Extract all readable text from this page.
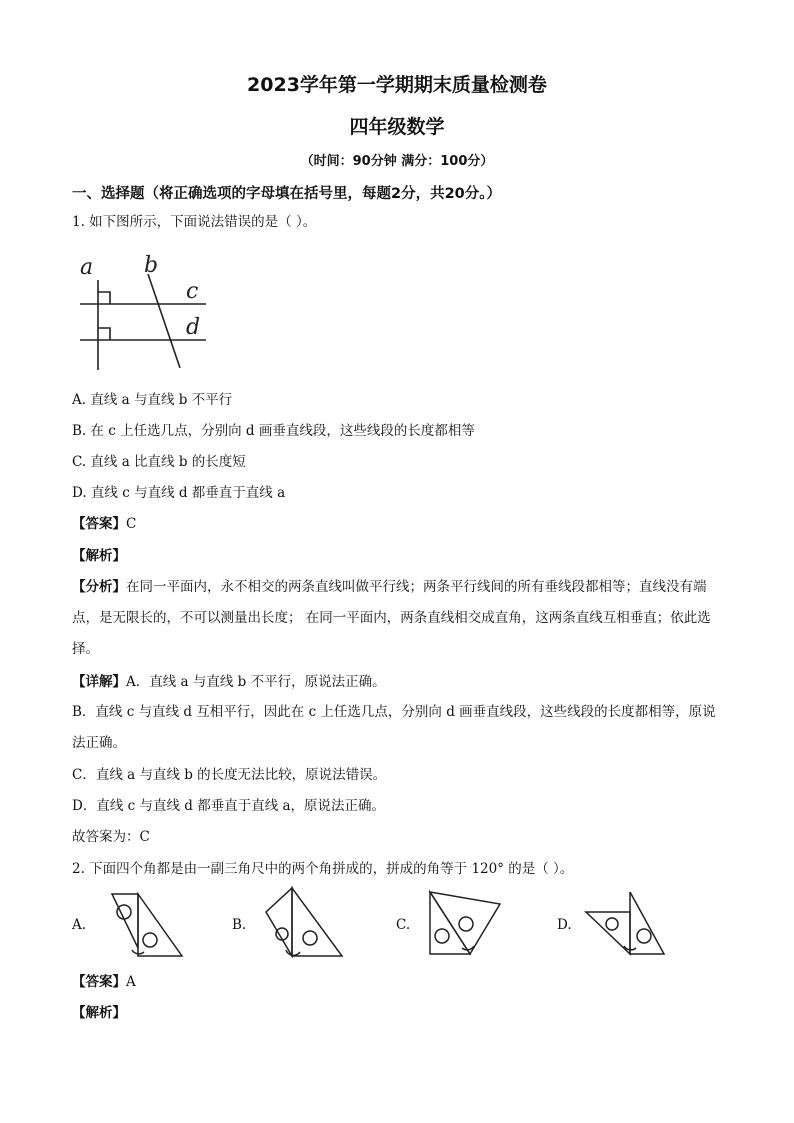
2023学年第一学期期末质量检测卷
四年级数学
（时间：90分钟 满分：100分）
一、选择题（将正确选项的字母填在括号里，每题2分，共20分。）
1. 如下图所示，下面说法错误的是（ ）。
a b
c
d
A. 直线 a 与直线 b 不平行
B. 在 c 上任选几点，分别向 d 画垂直线段，这些线段的长度都相等
C. 直线 a 比直线 b 的长度短
D. 直线 c 与直线 d 都垂直于直线 a
【答案】C
【解析】
【分析】在同一平面内，永不相交的两条直线叫做平行线；两条平行线间的所有垂线段都相等；直线没有端点，是无限长的，不可以测量出长度； 在同一平面内，两条直线相交成直角，这两条直线互相垂直；依此选择。
【详解】A．直线 a 与直线 b 不平行，原说法正确。
B．直线 c 与直线 d 互相平行，因此在 c 上任选几点，分别向 d 画垂直线段，这些线段的长度都相等，原说法正确。
C．直线 a 与直线 b 的长度无法比较，原说法错误。
D．直线 c 与直线 d 都垂直于直线 a，原说法正确。
故答案为：C
2. 下面四个角都是由一副三角尺中的两个角拼成的，拼成的角等于 120° 的是（ ）。
A.	B.	C.	D.
【答案】A
【解析】
